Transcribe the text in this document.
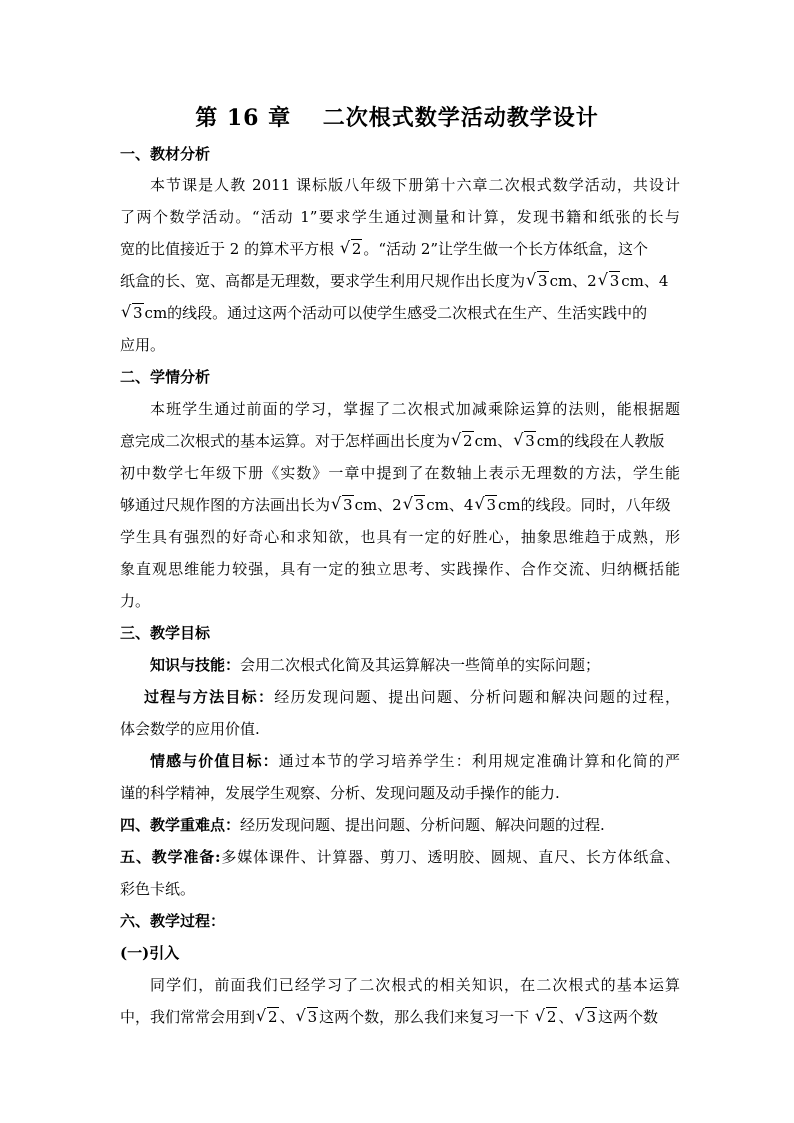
第 16 章　 二次根式数学活动教学设计
一、教材分析
本节课是人教 2011 课标版八年级下册第十六章二次根式数学活动，共设计
了两个数学活动。“活动 1”要求学生通过测量和计算，发现书籍和纸张的长与
宽的比值接近于 2 的算术平方根 √ 2 。“活动 2”让学生做一个长方体纸盒，这个
纸盒的长、宽、高都是无理数，要求学生利用尺规作出长度为 √ 3 cm、2 √ 3 cm、4
√ 3 cm的线段。通过这两个活动可以使学生感受二次根式在生产、生活实践中的
应用。
二、学情分析
本班学生通过前面的学习，掌握了二次根式加减乘除运算的法则，能根据题
意完成二次根式的基本运算。对于怎样画出长度为 √ 2 cm、 √ 3 cm的线段在人教版
初中数学七年级下册《实数》一章中提到了在数轴上表示无理数的方法，学生能
够通过尺规作图的方法画出长为 √ 3 cm、2 √ 3 cm、4 √ 3 cm的线段。同时，八年级
学生具有强烈的好奇心和求知欲，也具有一定的好胜心，抽象思维趋于成熟，形
象直观思维能力较强，具有一定的独立思考、实践操作、合作交流、归纳概括能
力。
三、教学目标
知识与技能：会用二次根式化简及其运算解决一些简单的实际问题；
过程与方法目标：经历发现问题、提出问题、分析问题和解决问题的过程，
体会数学的应用价值.
情感与价值目标：通过本节的学习培养学生：利用规定准确计算和化简的严
谨的科学精神，发展学生观察、分析、发现问题及动手操作的能力.
四、教学重难点：经历发现问题、提出问题、分析问题、解决问题的过程.
五、教学准备:多媒体课件、计算器、剪刀、透明胶、圆规、直尺、长方体纸盒、
彩色卡纸。
六、教学过程：
(一)引入
同学们，前面我们已经学习了二次根式的相关知识，在二次根式的基本运算
中，我们常常会用到 √ 2 、 √ 3 这两个数，那么我们来复习一下 √ 2 、 √ 3 这两个数
